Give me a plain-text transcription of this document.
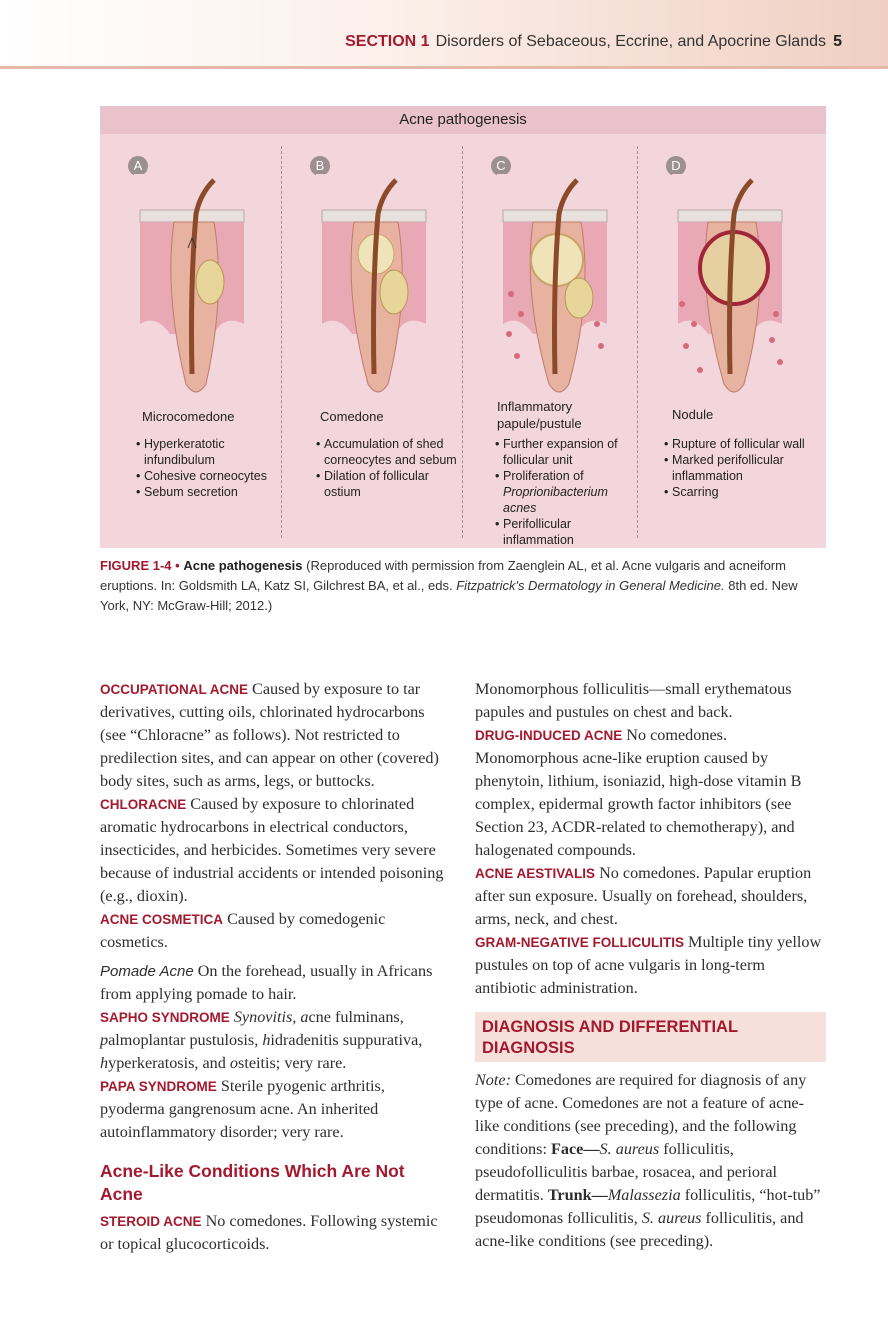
SECTION 1 Disorders of Sebaceous, Eccrine, and Apocrine Glands 5
Acne pathogenesis
A
Microcomedone
• Hyperkeratotic infundibulum
• Cohesive corneocytes
• Sebum secretion
B
Comedone
• Accumulation of shed corneocytes and sebum
• Dilation of follicular ostium
C
Inflammatory
papule/pustule
• Further expansion of follicular unit
• Proliferation of Proprionibacterium acnes
• Perifollicular inflammation
D
Nodule
• Rupture of follicular wall
• Marked perifollicular inflammation
• Scarring
FIGURE 1-4 • Acne pathogenesis (Reproduced with permission from Zaenglein AL, et al. Acne vulgaris and acneiform eruptions. In: Goldsmith LA, Katz SI, Gilchrest BA, et al., eds. Fitzpatrick's Dermatology in General Medicine. 8th ed. New York, NY: McGraw-Hill; 2012.)

OCCUPATIONAL ACNE Caused by exposure to tar derivatives, cutting oils, chlorinated hydrocarbons (see “Chloracne” as follows). Not restricted to predilection sites, and can appear on other (covered) body sites, such as arms, legs, or buttocks.

CHLORACNE Caused by exposure to chlorinated aromatic hydrocarbons in electrical conductors, insecticides, and herbicides. Sometimes very severe because of industrial accidents or intended poisoning (e.g., dioxin).

ACNE COSMETICA Caused by comedogenic cosmetics.

Pomade Acne On the forehead, usually in Africans from applying pomade to hair.

SAPHO SYNDROME Synovitis, acne fulminans, palmoplantar pustulosis, hidradenitis suppurativa, hyperkeratosis, and osteitis; very rare.

PAPA SYNDROME Sterile pyogenic arthritis, pyoderma gangrenosum acne. An inherited autoinflammatory disorder; very rare.

Acne-Like Conditions Which Are Not Acne

STEROID ACNE No comedones. Following systemic or topical glucocorticoids.

Monomorphous folliculitis—small erythematous papules and pustules on chest and back.

DRUG-INDUCED ACNE No comedones. Monomorphous acne-like eruption caused by phenytoin, lithium, isoniazid, high-dose vitamin B complex, epidermal growth factor inhibitors (see Section 23, ACDR-related to chemotherapy), and halogenated compounds.

ACNE AESTIVALIS No comedones. Papular eruption after sun exposure. Usually on forehead, shoulders, arms, neck, and chest.

GRAM-NEGATIVE FOLLICULITIS Multiple tiny yellow pustules on top of acne vulgaris in long-term antibiotic administration.

DIAGNOSIS AND DIFFERENTIAL DIAGNOSIS

Note: Comedones are required for diagnosis of any type of acne. Comedones are not a feature of acne-like conditions (see preceding), and the following conditions: Face—S. aureus folliculitis, pseudofolliculitis barbae, rosacea, and perioral dermatitis. Trunk—Malassezia folliculitis, “hot-tub” pseudomonas folliculitis, S. aureus folliculitis, and acne-like conditions (see preceding).
